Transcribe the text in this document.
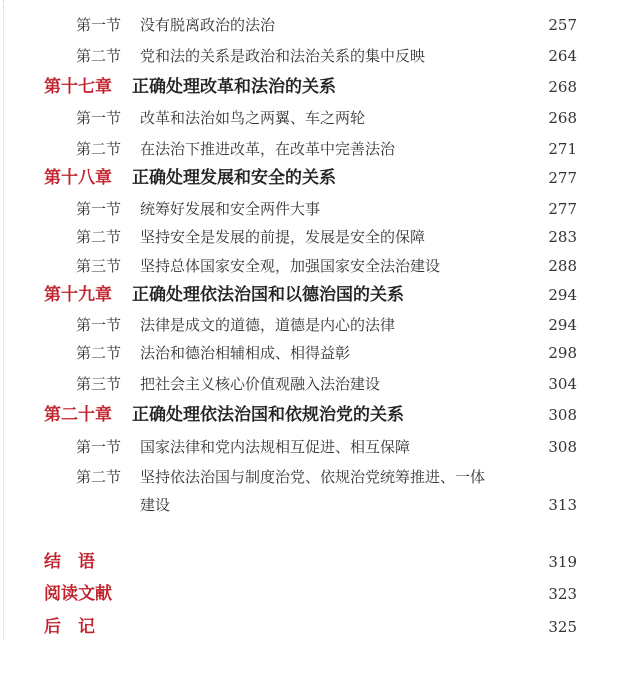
第一节 没有脱离政治的法治	257
第二节 党和法的关系是政治和法治关系的集中反映	264
第十七章 正确处理改革和法治的关系	268
第一节 改革和法治如鸟之两翼、车之两轮	268
第二节 在法治下推进改革，在改革中完善法治	271
第十八章 正确处理发展和安全的关系	277
第一节 统筹好发展和安全两件大事	277
第二节 坚持安全是发展的前提，发展是安全的保障	283
第三节 坚持总体国家安全观，加强国家安全法治建设	288
第十九章 正确处理依法治国和以德治国的关系	294
第一节 法律是成文的道德，道德是内心的法律	294
第二节 法治和德治相辅相成、相得益彰	298
第三节 把社会主义核心价值观融入法治建设	304
第二十章 正确处理依法治国和依规治党的关系	308
第一节 国家法律和党内法规相互促进、相互保障	308
第二节 坚持依法治国与制度治党、依规治党统筹推进、一体
建设	313
结　语	319
阅读文献	323
后　记	325
